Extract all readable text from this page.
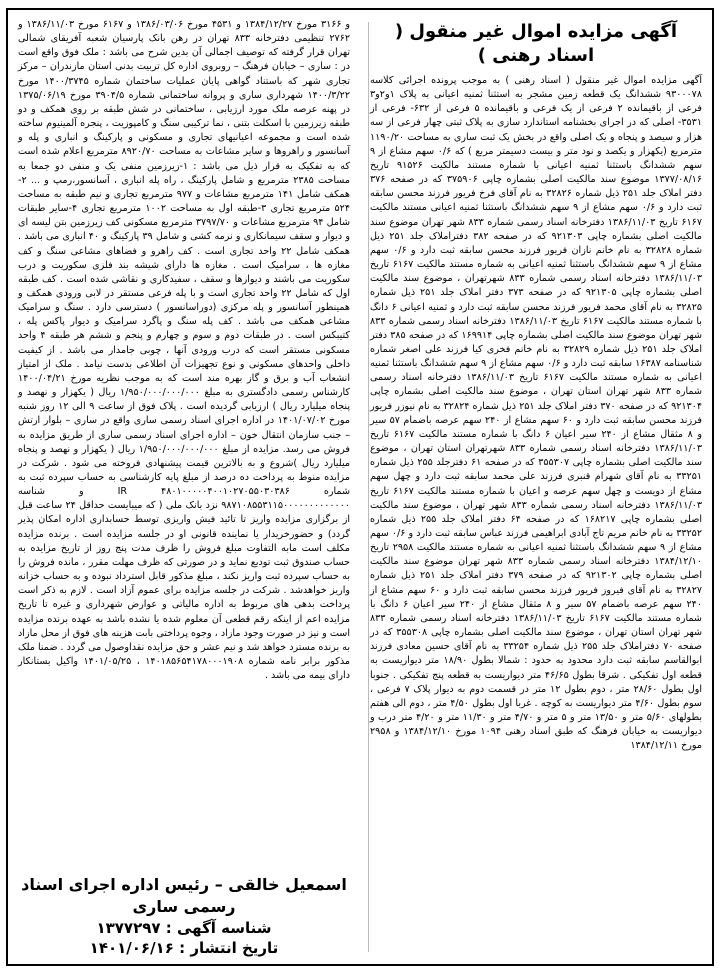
آگهی مزایده اموال غیر منقول ( اسناد رهنی )

آگهی مزایده اموال غیر منقول ( اسناد رهنی ) به موجب پرونده اجرائی کلاسه ۹۳۰۰۰۷۸ ششدانگ یک قطعه زمین مشجر به استثنا ثمنیه اعیانی به پلاک ۱و۲و۳ فرعی از باقیمانده ۲ فرعی از یک فرعی و باقیمانده ۵ فرعی از ۶۳۲- فرعی از ۳۵۳۱- اصلی که در اجرای بخشنامه استاندارد سازی به پلاک ثبتی چهار فرعی از سه هزار و سیصد و پنجاه و یک اصلی واقع در بخش یک ثبت ساری به مساحت ۱۱۹۰/۲۰ مترمربع (یکهزار و یکصد و نود متر و بیست دسیمتر مربع ) که ۰/۶ سهم مشاع از ۹ سهم ششدانگ باستثنا ثمنیه اعیانی با شماره مستند مالکیت ۹۱۵۲۶ تاریخ ۱۳۷۷/۰۸/۱۶ موضوع سند مالکیت اصلی بشماره چاپی ۳۷۵۹۰۶ که در صفحه ۳۷۶ دفتر املاک جلد ۲۵۱ ذیل شماره ۳۲۸۲۶ به نام آقای فرخ فریور فرزند محسن سابقه ثبت دارد و ۰/۶ سهم مشاع از ۹ سهم ششدانگ باستثنا ثمنیه اعیانی مستند مالکیت ۶۱۶۷ تاریخ ۱۳۸۶/۱۱/۰۳ دفترخانه اسناد رسمی شماره ۸۳۳ شهر تهران موضوع سند مالکیت اصلی بشماره چاپی ۹۲۱۳۰۳ که در صفحه ۳۸۲ دفتراملاک جلد ۲۵۱ ذیل شماره ۳۲۸۲۸ به نام خانم نازان فریور فرزند محسن سابقه ثبت دارد و ۰/۶ سهم مشاع از ۹ سهم ششدانگ باستثنا ثمنیه اعیانی به شماره مستند مالکیت ۶۱۶۷ تاریخ ۱۳۸۶/۱۱/۰۳ دفترخانه اسناد رسمی شماره ۸۳۳ شهرتهران ، موضوع سند مالکیت اصلی بشماره چاپی ۹۲۱۳۰۵ که در صفحه ۳۷۳ دفتر املاک جلد ۲۵۱ ذیل شماره ۳۲۸۲۵ به نام آقای محمد فریور فرزند محسن سابقه ثبت دارد و ثمنیه اعیانی ۶ دانگ با شماره مستند مالکیت ۶۱۶۷ تاریخ ۱۳۸۶/۱۱/۰۳ دفترخانه اسناد رسمی شماره ۸۳۳ شهر تهران موضوع سند مالکیت اصلی بشماره چاپی ۱۶۹۹۱۴ که در صفحه ۳۸۵ دفتر املاک جلد ۲۵۱ ذیل شماره ۳۲۸۲۹ به نام خانم فخری کیا فرزند علی اصغر شماره شناسنامه ۱۶۳۸۷ سابقه ثبت دارد و ۰/۶ سهم مشاع از ۹ سهم ششدانگ باستثنا ثمنیه اعیانی به شماره مستند مالکیت ۶۱۶۷ تاریخ ۱۳۸۶/۱۱/۰۳ دفترخانه اسناد رسمی شماره ۸۳۳ شهر تهران استان تهران ، موضوع سند مالکیت اصلی بشماره چاپی ۹۲۱۳۰۴ که در صفحه ۳۷۰ دفتر املاک جلد ۲۵۱ ذیل شماره ۳۲۸۲۴ به نام نیوزر فریور فرزند محسن سابقه ثبت دارد و ۶۰ سهم مشاع از ۲۴۰ سهم عرصه باضمام ۵۷ سیر و ۸ مثقال مشاع از ۲۴۰ سیر اعیان ۶ دانگ با شماره مستند مالکیت ۶۱۶۷ تاریخ ۱۳۸۶/۱۱/۰۳ دفترخانه اسناد رسمی شماره ۸۳۳ شهرتهران استان تهران ، موضوع سند مالکیت اصلی بشماره چاپی ۳۵۵۳۰۷ که در صفحه ۶۱ دفترجلد ۲۵۵ ذیل شماره ۳۳۲۵۱ به نام آقای شهرام قنبری فرزند علی محمد سابقه ثبت دارد و چهل سهم مشاع از دویست و چهل سهم عرصه و اعیان با شماره مستند مالکیت ۶۱۶۷ تاریخ ۱۳۸۶/۱۱/۰۳ دفترخانه اسناد رسمی شماره ۸۳۳ شهر تهران ، موضوع سند مالکیت اصلی بشماره چاپی ۱۶۸۲۱۷ که در صفحه ۶۴ دفتر املاک جلد ۲۵۵ ذیل شماره ۳۳۲۵۲ به نام خانم مریم تاج آبادی ابراهیمی فرزند عباس سابقه ثبت دارد و ۰/۶ سهم مشاع از ۹ سهم ششدانگ باستثنا ثمنیه اعیانی به شماره مستند مالکیت ۲۹۵۸ تاریخ ۱۳۸۴/۱۲/۱۰ دفترخانه اسناد رسمی شماره ۸۳۳ شهر تهران موضوع سند مالکیت اصلی بشماره چاپی ۹۲۱۳۰۲ که در صفحه ۳۷۹ دفتر املاک جلد ۲۵۱ ذیل شماره ۳۲۸۲۷ به نام آقای فیروز فریور فرزند محسن سابقه ثبت دارد و ۶۰ سهم مشاع از ۲۴۰ سهم عرصه باضمام ۵۷ سیر و ۸ مثقال مشاع از ۲۴۰ سیر اعیان ۶ دانگ با شماره مستند مالکیت ۶۱۶۷ تاریخ ۱۳۸۶/۱۱/۰۳ دفترخانه اسناد رسمی شماره ۸۳۳ شهر تهران استان تهران ، موضوع سند مالکیت اصلی بشماره چاپی ۳۵۵۳۰۸ که در صفحه ۷۰ دفتراملاک جلد ۲۵۵ ذیل شماره ۳۳۲۵۴ به نام آقای حسین معادی فرزند ابوالقاسم سابقه ثبت دارد محدود به حدود : شمالا بطول ۱۸/۹۰ متر دیواریست به قطعه اول تفکیکی . شرقا بطول ۴۶/۶۵ متر دیواریست به قطعه پنج تفکیکی . جنوبا اول بطول ۲۸/۶۰ متر ، دوم بطول ۱۲ متر در قسمت دوم به دیوار پلاک ۷ فرعی ، سوم بطول ۴/۶۰ متر دیواریست به کوچه . غربا اول بطول ۴/۵۰ متر ، دوم الی هفتم بطولهای ۵/۶۰ متر و ۱۳/۵۰ متر و ۵ متر و ۴/۷۰ متر و ۱۱/۳۰ متر و ۴/۲۰ متر درب و دیواریست به خیابان فرهنگ که طبق اسناد رهنی ۱۰۹۴ مورخ ۱۳۸۴/۱۲/۱۰ و ۲۹۵۸ مورخ ۱۳۸۴/۱۲/۱۱

و ۳۱۶۶ مورخ ۱۳۸۴/۱۲/۲۷ و ۴۵۳۱ مورخ ۱۳۸۶/۰۳/۰۶ و ۶۱۶۷ مورخ ۱۳۸۶/۱۱/۰۳ و ۲۷۶۲ تنظیمی دفترخانه ۸۳۳ تهران در رهن بانک پارسیان شعبه آفریقای شمالی تهران قرار گرفته که توصیف اجمالی آن بدین شرح می باشد : ملک فوق واقع است در : ساری – خیابان فرهنگ – روبروی اداره کل تربیت بدنی استان مازندران – مرکز تجاری شهر که باستناد گواهی پایان عملیات ساختمان شماره ۱۴۰۰/۳۷۴۵ مورخ ۱۴۰۰/۳/۲۲ شهرداری ساری و پروانه ساختمانی شماره ۳۹۰۴/۵ مورخ ۱۳۷۵/۰۶/۱۹ در پهنه عرصه ملک مورد ارزیابی ، ساختمانی در شش طبقه بر روی همکف و دو طبقه زیرزمین با اسکلت بتنی ، نما ترکیبی سنگ و کامپوزیت ، پنجره آلمینیوم ساخته شده است و مجموعه اعیانیهای تجاری و مسکونی و پارکینگ و انباری و پله و آسانسور و راهروها و سایر مشاعات به مساحت ۸۹۲۰/۷۰ مترمربع اعلام شده است که به تفکیک به قرار ذیل می باشد : ۱-زیرزمین منفی یک و منفی دو جمعا به مساحت ۲۳۸۵ مترمربع و شامل پارکینگ ، راه پله انباری ، آسانسور،رمپ و ... ۲-همکف شامل ۱۴۱ مترمربع مشاعات و ۹۷۷ مترمربع تجاری و نیم طبقه به مساحت ۵۲۴ مترمربع تجاری ۳-طبقه اول به مساحت ۱۰۰۲ مترمربع تجاری ۴-سایر طبقات شامل ۹۴ مترمربع مشاعات و ۳۷۹۷/۷۰ مترمربع مسکونی کف زیرزمین بتن لیسه ای و دیوار و سقف سیمانکاری و نرمه کشی و شامل ۳۹ پارکینگ و ۴۰ انباری می باشد . همکف شامل ۲۲ واحد تجاری است . کف راهرو و فضاهای مشاعی سنگ و کف مغازه ها ، سرامیک است . مغازه ها دارای شیشه بند فلزی سکوریت و درب سکوریت می باشند و دیوارها و سقف ، سفیدکاری و نقاشی شده است . کف طبقه اول که شامل ۲۲ واحد تجاری است و با پله فرعی مستقر در لابی ورودی همکف و همینطور آسانسور و پله مرکزی (دوراسانسور ) دسترسی دارد . سنگ و سرامیک مشاعی همکف می باشد . کف پله سنگ و پاگرد سرامیک و دیوار پاکس پله ، کتیبکس است . در طبقات دوم و سوم و چهارم و پنجم و ششم هر طبقه ۴ واحد مسکونی مستقر است که درب ورودی آنها ، چوبی جامدار می باشد . از کیفیت داخلی واحدهای مسکونی و نوع تجهیزات آن اطلاعی بدست نیامد . ملک از امتیاز انشعاب آب و برق و گاز بهره مند است که به موجب نظریه مورخ ۱۴۰۰/۰۴/۲۱ کارشناس رسمی دادگستری به مبلغ ۱/۹۵۰/۰۰۰/۰۰۰/۰۰۰ ریال ( یکهزار و نهصد و پنجاه میلیارد ریال ) ارزیابی گردیده است . پلاک فوق از ساعت ۹ الی ۱۲ روز شنبه مورخ ۱۴۰۱/۰۷/۰۲ در اداره اجرای اسناد رسمی ساری واقع در ساری – بلوار ارتش – جنب سازمان انتقال خون – اداره اجرای اسناد رسمی ساری از طریق مزایده به فروش می رسد. مزایده از مبلغ ۱/۹۵۰/۰۰۰/۰۰۰/۰۰۰ ریال ( یکهزار و نهصد و پنجاه میلیارد ریال )شروع و به بالاترین قیمت پیشنهادی فروخته می شود . شرکت در مزایده منوط به پرداخت ده درصد از مبلغ پایه کارشناسی به حساب سپرده ثبت به شماره IR ۴۸۰۱۰۰۰۰۰۴۰۰۱۰۲۷۰۵۵۰۳۰۳۸۶ و شناسه ۹۸۷۱۰۸۵۵۳۱۱۵۰۰۰۰۰۰۰۰۰۰۰۰۰ نزد بانک ملی ( که میبایست حداقل ۲۴ ساعت قبل از برگزاری مزایده واریز تا تائید فیش واریزی توسط حسابداری اداره امکان پذیر گردد) و حضورخریدار یا نماینده قانونی او در جلسه مزایده است . برنده مزایده مکلف است مابه التفاوت مبلغ فروش را ظرف مدت پنج روز از تاریخ مزایده به حساب صندوق ثبت تودیع نماید و در صورتی که ظرف مهلت مقرر ، مانده فروش را به حساب سپرده ثبت واریز نکند ، مبلغ مذکور قابل استرداد نبوده و به حساب خزانه واریز خواهدشد . شرکت در جلسه مزایده برای عموم آزاد است . لازم به ذکر است پرداخت بدهی های مربوط به اداره مالیاتی و عوارض شهرداری و غیره تا تاریخ مزایده اعم از اینکه رقم قطعی آن معلوم شده یا نشده باشد به عهده برنده مزایده است و نیز در صورت وجود مازاد ، وجوه پرداختی بابت هزینه های فوق از محل مازاد به برنده مسترد خواهد شد و نیم عشر و حق مزایده نقداوصول می گردد . ضمنا ملک مذکور برابر نامه شماره ۱۴۰۱۸۵۶۵۴۱۷۸۰۰۰۱۹۰۸ ، ۱۴۰۱/۰۵/۲۵ واکیل بستانکار دارای بیمه می باشد .

اسمعیل خالقی – رئیس اداره اجرای اسناد رسمی ساری

شناسه آگهی : ۱۳۷۷۲۹۷

تاریخ انتشار : ۱۴۰۱/۰۶/۱۶
